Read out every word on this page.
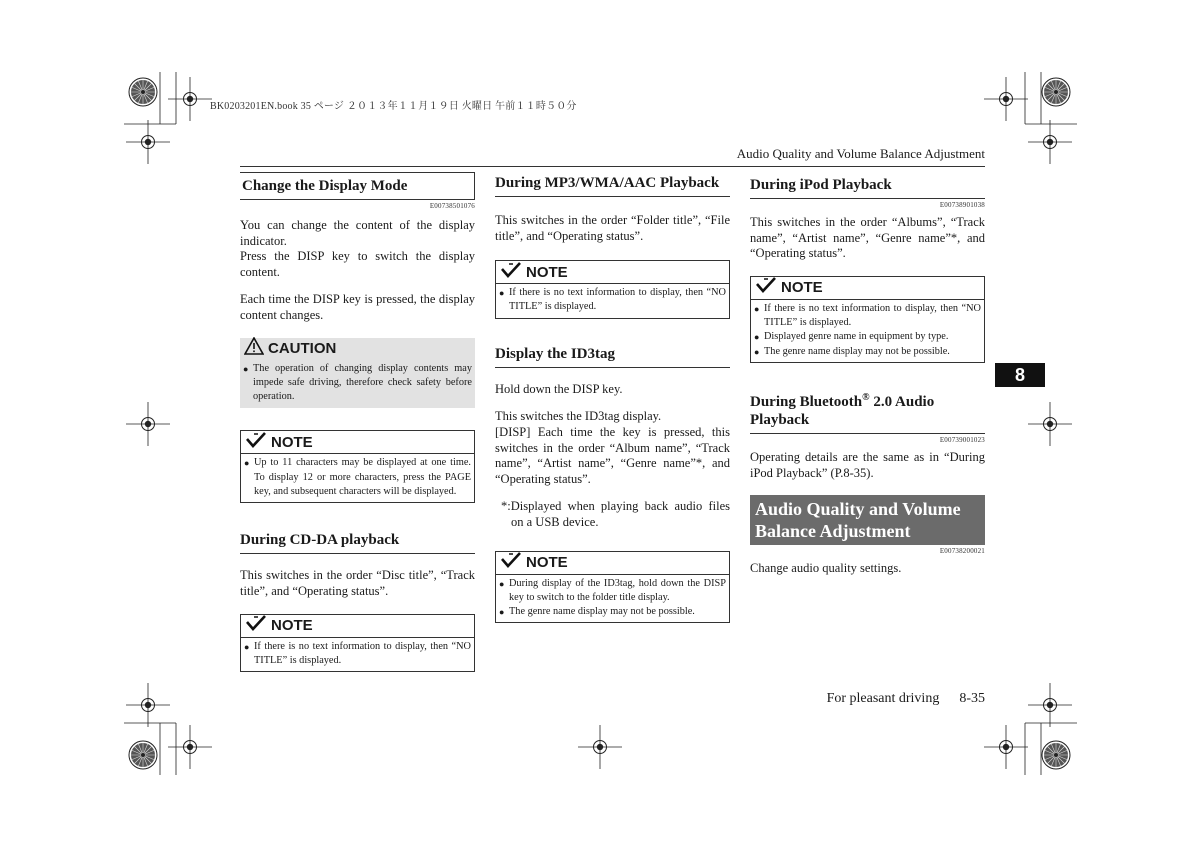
BK0203201EN.book 35 ページ ２０１３年１１月１９日 火曜日 午前１１時５０分
Audio Quality and Volume Balance Adjustment
Change the Display Mode
E00738501076

You can change the content of the display indicator.

Press the DISP key to switch the display content.

Each time the DISP key is pressed, the display content changes.

CAUTION
● The operation of changing display contents may impede safe driving, therefore check safety before operation.
NOTE
● Up to 11 characters may be displayed at one time. To display 12 or more characters, press the PAGE key, and subsequent characters will be displayed.
During CD-DA playback

This switches in the order “Disc title”, “Track title”, and “Operating status”.

NOTE
● If there is no text information to display, then “NO TITLE” is displayed.
During MP3/WMA/AAC Playback

This switches in the order “Folder title”, “File title”, and “Operating status”.

NOTE
● If there is no text information to display, then “NO TITLE” is displayed.
Display the ID3tag

Hold down the DISP key.

This switches the ID3tag display.

[DISP] Each time the key is pressed, this switches in the order “Album name”, “Track name”, “Artist name”, “Genre name”*, and “Operating status”.

*:Displayed when playing back audio files on a USB device.

NOTE
● During display of the ID3tag, hold down the DISP key to switch to the folder title display.
● The genre name display may not be possible.
During iPod Playback
E00738901038

This switches in the order “Albums”, “Track name”, “Artist name”, “Genre name”*, and “Operating status”.

NOTE
● If there is no text information to display, then “NO TITLE” is displayed.
● Displayed genre name in equipment by type.
● The genre name display may not be possible.
During Bluetooth® 2.0 Audio Playback
E00739001023

Operating details are the same as in “During iPod Playback” (P.8-35).

Audio Quality and Volume Balance Adjustment
E00738200021

Change audio quality settings.

8
For pleasant driving 8-35
